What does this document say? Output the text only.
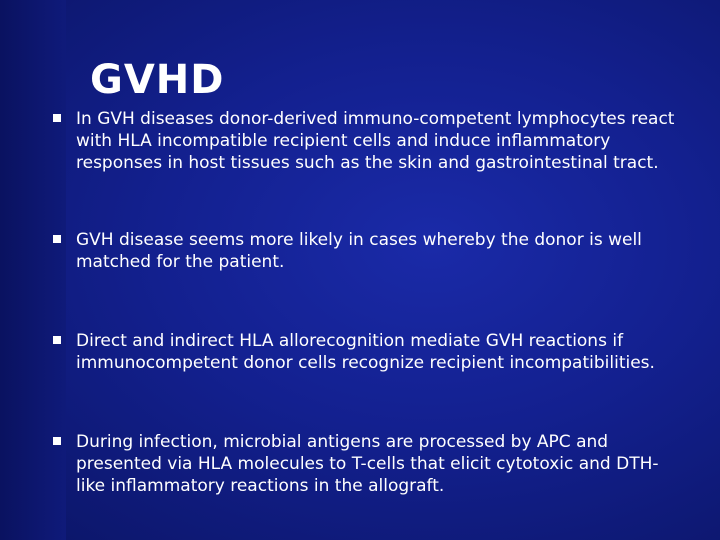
GVHD

In GVH diseases donor-derived immuno-competent lymphocytes react with HLA incompatible recipient cells and induce inflammatory responses in host tissues such as the skin and gastrointestinal tract.

GVH disease seems more likely in cases whereby the donor is well matched for the patient.

Direct and indirect HLA allorecognition mediate GVH reactions if immunocompetent donor cells recognize recipient incompatibilities.

During infection, microbial antigens are processed by APC and presented via HLA molecules to T-cells that elicit cytotoxic and DTH-like inflammatory reactions in the allograft.
